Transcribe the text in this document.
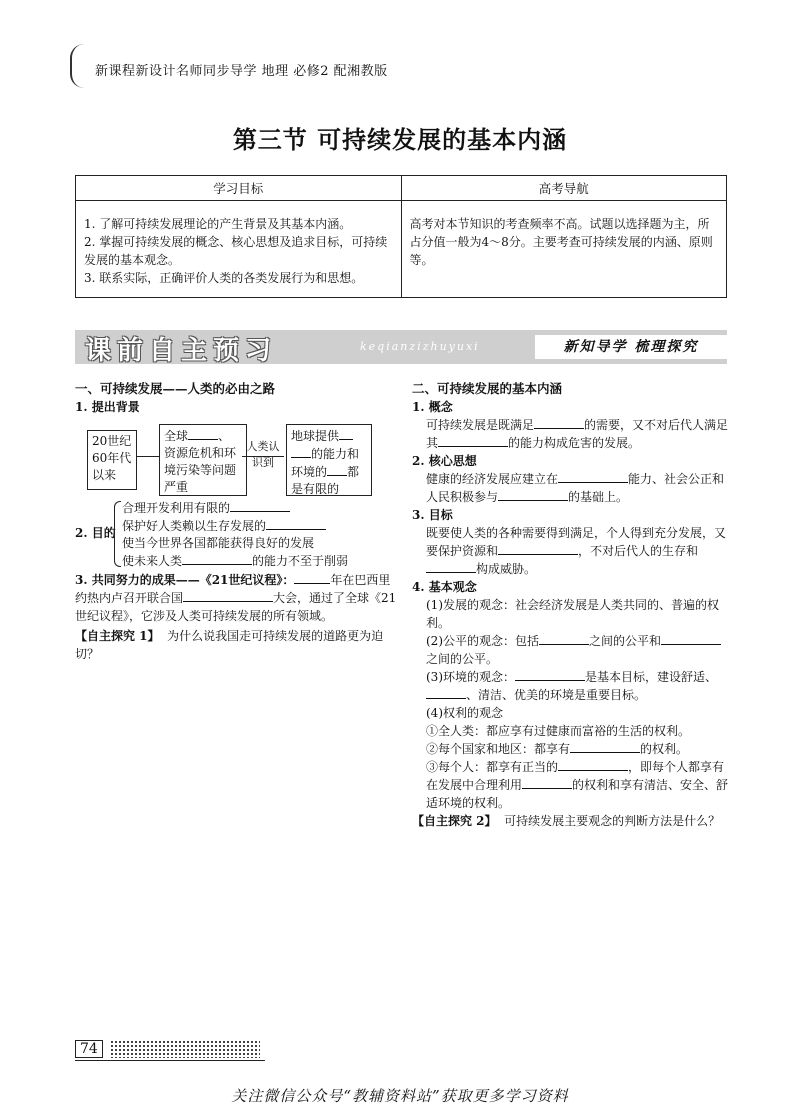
新课程新设计名师同步导学 地理 必修2 配湘教版
第三节 可持续发展的基本内涵
学习目标	高考导航

1. 了解可持续发展理论的产生背景及其基本内涵。
2. 掌握可持续发展的概念、核心思想及追求目标，可持续发展的基本观念。
3. 联系实际，正确评价人类的各类发展行为和思想。	高考对本节知识的考查频率不高。试题以选择题为主，所占分值一般为4～8分。主要考查可持续发展的内涵、原则等。
课前自主预习	keqianzizhuyuxi	新知导学 梳理探究
一、可持续发展——人类的必由之路
1. 提出背景
20世纪60年代以来
全球	、资源危机和环境污染等问题严重
人类认识到
地球提供
的能力和环境的 都是有限的
2. 目的
合理开发利用有限的
保护好人类赖以生存发展的
使当今世界各国都能获得良好的发展
使未来人类	的能力不至于削弱
3. 共同努力的成果——《21世纪议程》：	年在巴西里约热内卢召开联合国	大会，通过了全球《21世纪议程》，它涉及人类可持续发展的所有领域。
【自主探究 1】 为什么说我国走可持续发展的道路更为迫切？
二、可持续发展的基本内涵
1. 概念
可持续发展是既满足	的需要，又不对后代人满足其	的能力构成危害的发展。
2. 核心思想
健康的经济发展应建立在	能力、社会公正和人民积极参与	的基础上。
3. 目标
既要使人类的各种需要得到满足，个人得到充分发展，又要保护资源和	，不对后代人的生存和构成威胁。
4. 基本观念
(1)发展的观念：社会经济发展是人类共同的、普遍的权利。
(2)公平的观念：包括	之间的公平和之间的公平。
(3)环境的观念：	是基本目标，建设舒适、、清洁、优美的环境是重要目标。
(4)权利的观念
①全人类：都应享有过健康而富裕的生活的权利。
②每个国家和地区：都享有	的权利。
③每个人：都享有正当的	，即每个人都享有在发展中合理利用	的权利和享有清洁、安全、舒适环境的权利。
【自主探究 2】 可持续发展主要观念的判断方法是什么？
74
关注微信公众号“教辅资料站”获取更多学习资料
